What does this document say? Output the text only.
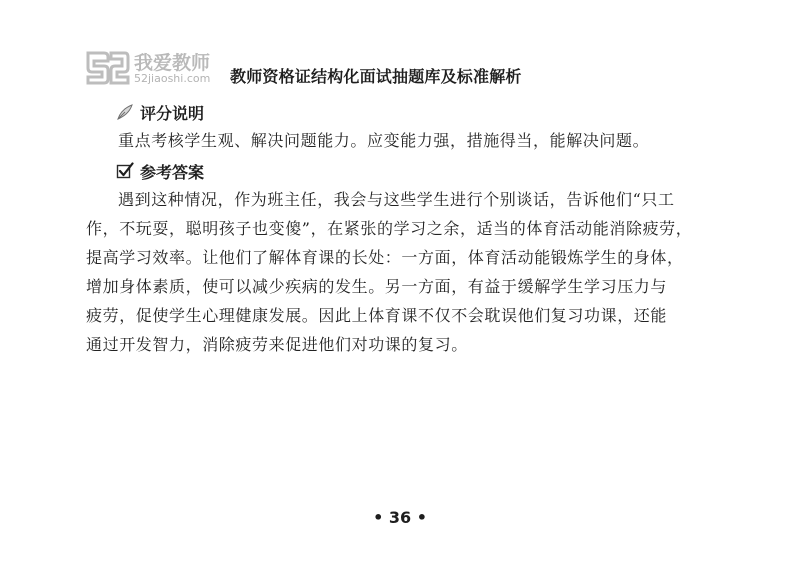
我爱教师
52jiaoshi.com 教师资格证结构化面试抽题库及标准解析
评分说明

重点考核学生观、解决问题能力。应变能力强，措施得当，能解决问题。

参考答案

遇到这种情况，作为班主任，我会与这些学生进行个别谈话，告诉他们“只工
作，不玩耍，聪明孩子也变傻”，在紧张的学习之余，适当的体育活动能消除疲劳，
提高学习效率。让他们了解体育课的长处：一方面，体育活动能锻炼学生的身体，
增加身体素质，使可以减少疾病的发生。另一方面，有益于缓解学生学习压力与
疲劳，促使学生心理健康发展。因此上体育课不仅不会耽误他们复习功课，还能
通过开发智力，消除疲劳来促进他们对功课的复习。

• 36 •
